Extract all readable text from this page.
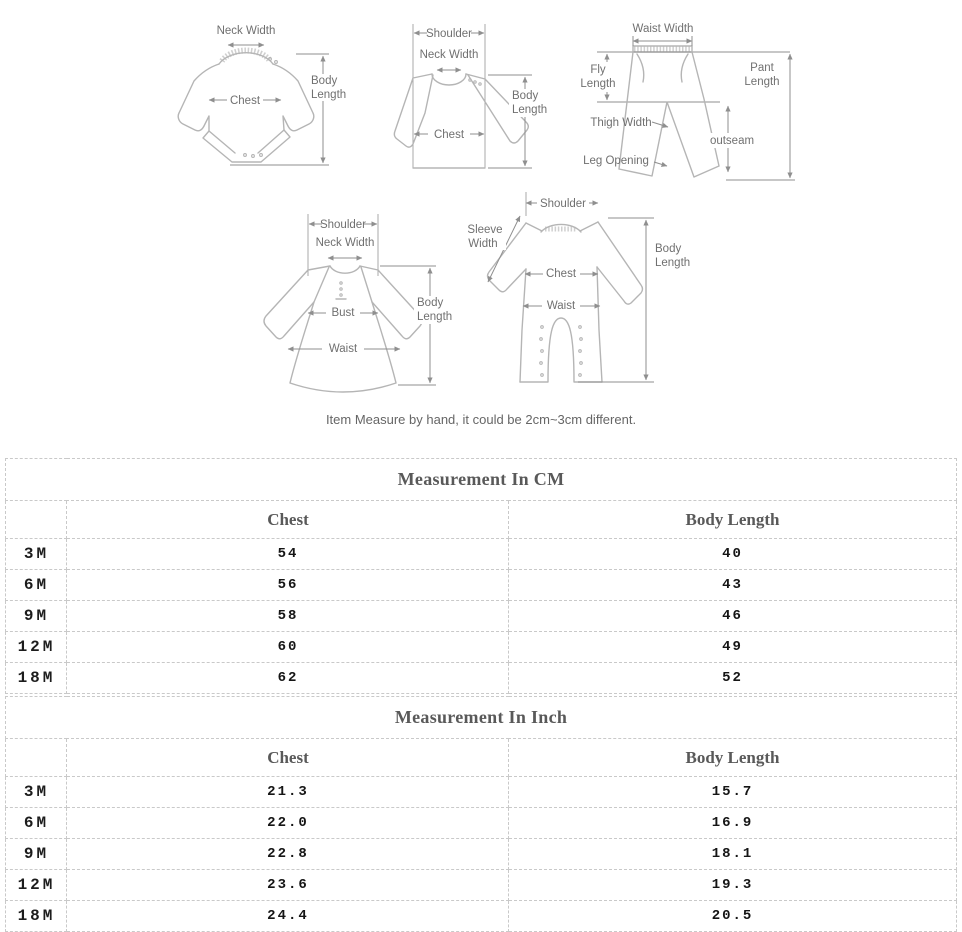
Neck Width
Chest
Body
Length
Shoulder
Neck Width
Chest
Body
Length
Waist Width
Fly
Length
Pant
Length
outseam
Thigh Width
Leg Opening
Shoulder
Neck Width
Bust
Waist
Body
Length
Shoulder
Sleeve
Width
Chest
Waist
Body
Length
Item Measure by hand, it could be 2cm~3cm different.
Measurement In CM		
	Chest	Body Length
3M	54	40
6M	56	43
9M	58	46
12M	60	49
18M	62	52
Measurement In Inch		
	Chest	Body Length
3M	21.3	15.7
6M	22.0	16.9
9M	22.8	18.1
12M	23.6	19.3
18M	24.4	20.5
